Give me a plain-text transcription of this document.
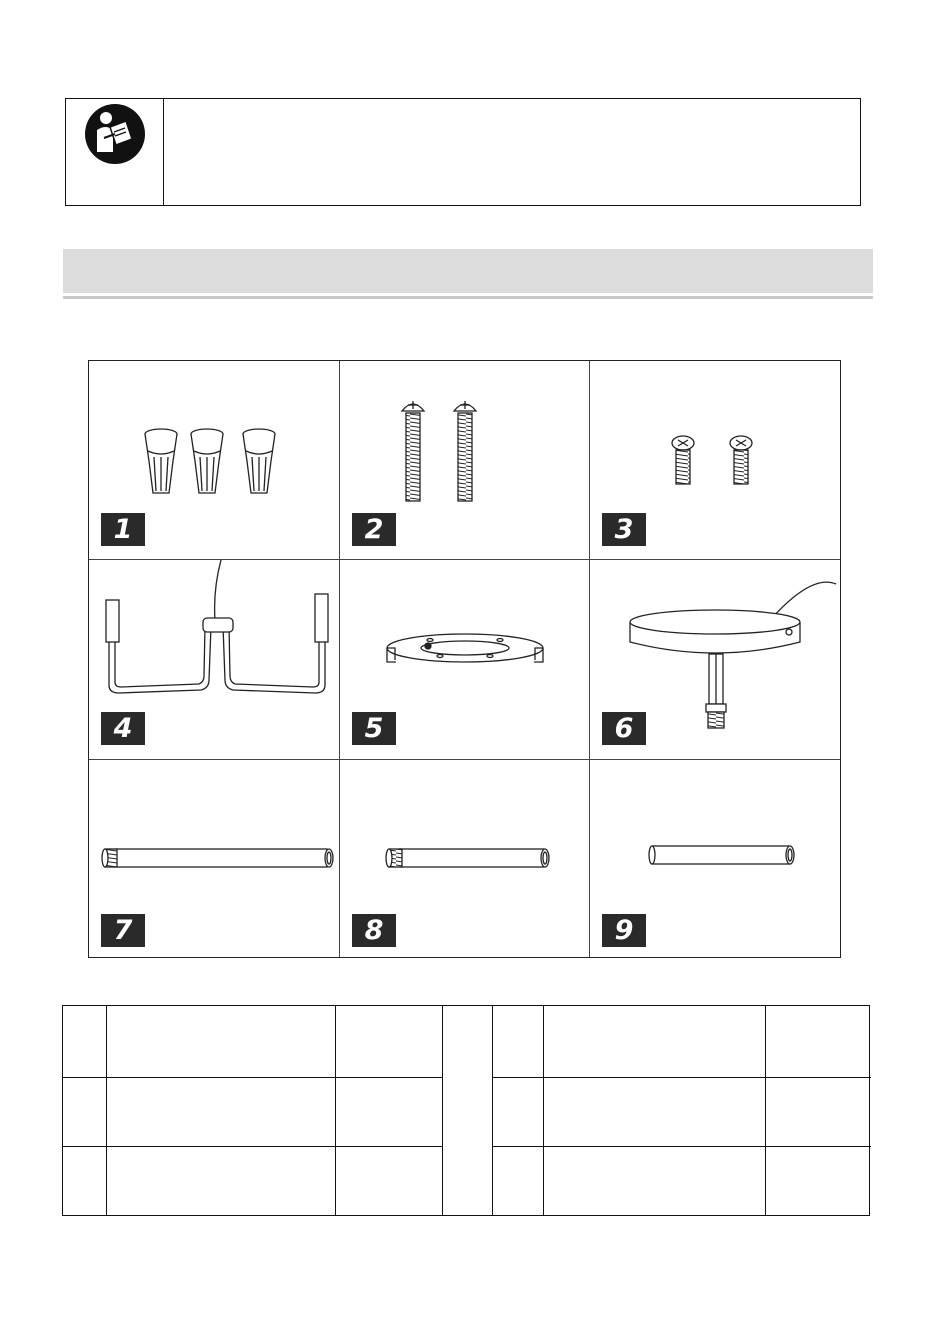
1	2	3
4	5	6
7	8	9
